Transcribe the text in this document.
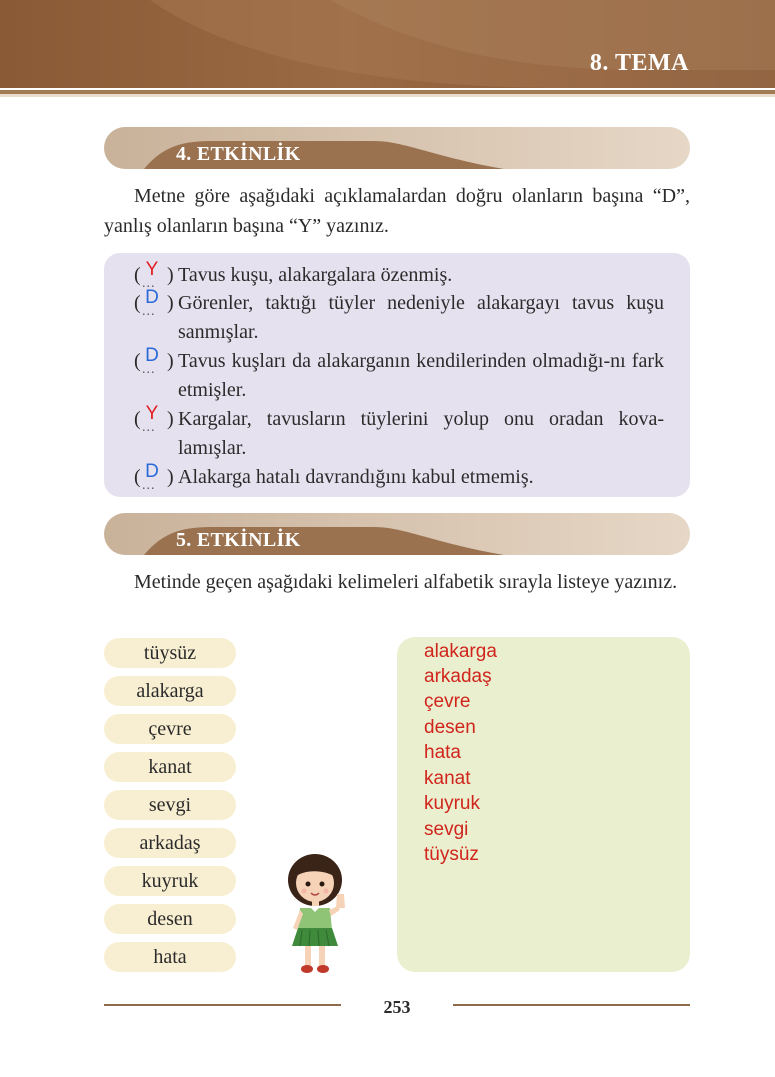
8. TEMA
4. ETKİNLİK
Metne göre aşağıdaki açıklamalardan doğru olanların başına “D”, yanlış olanların başına “Y” yazınız.
( ...
Y ) Tavus kuşu, alakargalara özenmiş.
( ...
D ) Görenler, taktığı tüyler nedeniyle alakargayı tavus kuşu sanmışlar.
( ...
D ) Tavus kuşları da alakarganın kendilerinden olmadığı-nı fark etmişler.
( ...
Y ) Kargalar, tavusların tüylerini yolup onu oradan kova-lamışlar.
( ...
D ) Alakarga hatalı davrandığını kabul etmemiş.
5. ETKİNLİK
Metinde geçen aşağıdaki kelimeleri alfabetik sırayla listeye yazınız.
tüysüz
alakarga
çevre
kanat
sevgi
arkadaş
kuyruk
desen
hata
alakarga
arkadaş
çevre
desen
hata
kanat
kuyruk
sevgi
tüysüz
253
